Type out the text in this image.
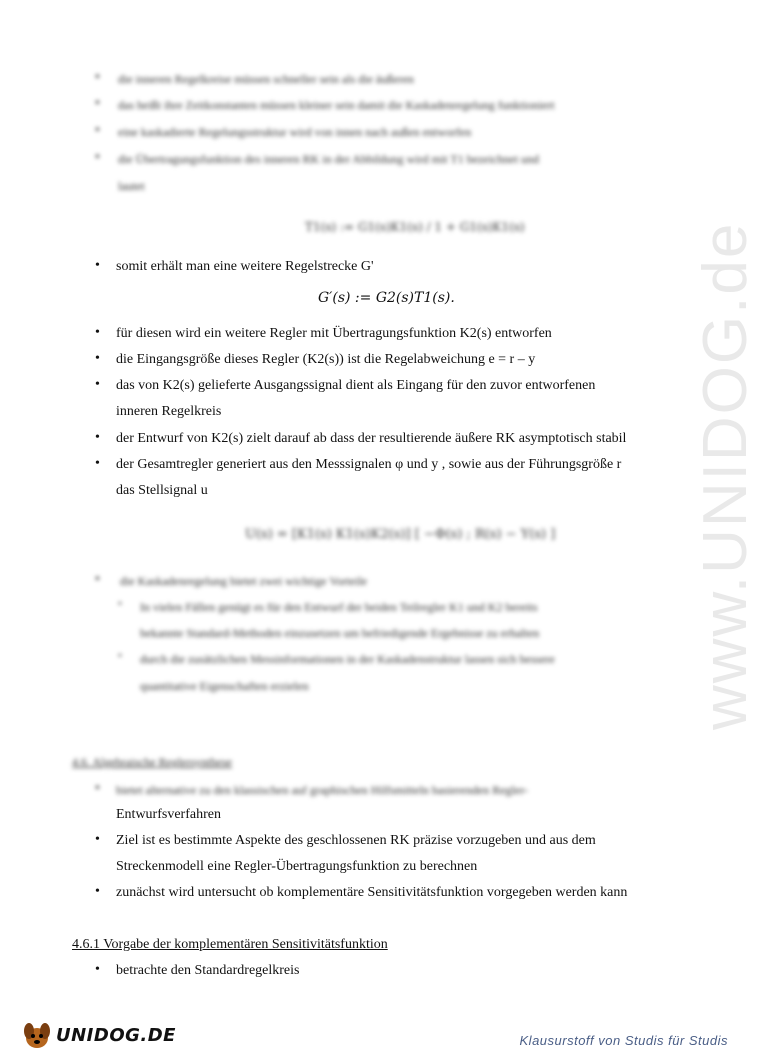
www.UNIDOG.de
• die inneren Regelkreise müssen schneller sein als die äußeren
• das heißt ihre Zeitkonstanten müssen kleiner sein damit die Kaskadenregelung funktioniert
• eine kaskadierte Regelungsstruktur wird von innen nach außen entworfen
• die Übertragungsfunktion des inneren RK in der Abbildung wird mit T1 bezeichnet und
lautet
T1(s) := G1(s)K1(s) / 1 + G1(s)K1(s)
• somit erhält man eine weitere Regelstrecke G'
G′(s) := G2(s)T1(s).
• für diesen wird ein weitere Regler mit Übertragungsfunktion K2(s) entworfen
• die Eingangsgröße dieses Regler (K2(s)) ist die Regelabweichung e = r – y
• das von K2(s) gelieferte Ausgangssignal dient als Eingang für den zuvor entworfenen
inneren Regelkreis
• der Entwurf von K2(s) zielt darauf ab dass der resultierende äußere RK asymptotisch stabil
• der Gesamtregler generiert aus den Messsignalen φ und y , sowie aus der Führungsgröße r
das Stellsignal u
U(s) = [K1(s) K1(s)K2(s)] [ −Φ(s) ; R(s) − Y(s) ]
• die Kaskadenregelung bietet zwei wichtige Vorteile
• In vielen Fällen genügt es für den Entwurf der beiden Teilregler K1 und K2 bereits
bekannte Standard-Methoden einzusetzen um befriedigende Ergebnisse zu erhalten
• durch die zusätzlichen Messinformationen in der Kaskadenstruktur lassen sich bessere
quantitative Eigenschaften erzielen
4.6. Algebraische Reglersynthese
• bietet alternative zu den klassischen auf graphischen Hilfsmitteln basierenden Regler-
Entwurfsverfahren
• Ziel ist es bestimmte Aspekte des geschlossenen RK präzise vorzugeben und aus dem
Streckenmodell eine Regler-Übertragungsfunktion zu berechnen
• zunächst wird untersucht ob komplementäre Sensitivitätsfunktion vorgegeben werden kann
4.6.1 Vorgabe der komplementären Sensitivitätsfunktion
• betrachte den Standardregelkreis
UNIDOG.DE	Klausurstoff von Studis für Studis
